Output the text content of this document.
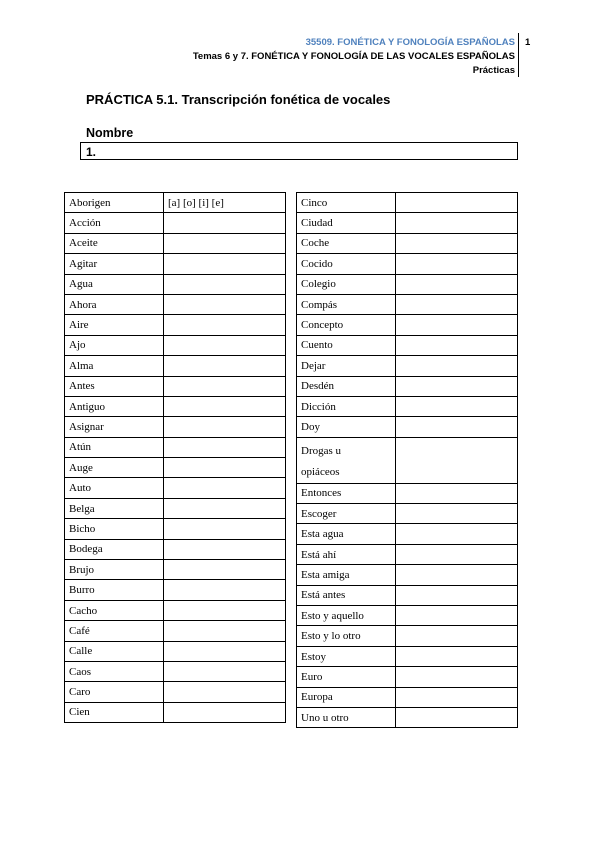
35509. FONÉTICA Y FONOLOGÍA ESPAÑOLAS
Temas 6 y 7. FONÉTICA Y FONOLOGÍA DE LAS VOCALES ESPAÑOLAS
Prácticas
1
PRÁCTICA 5.1. Transcripción fonética de vocales
Nombre
1.
Aborigen	[a] [o] [i] [e]
Acción	
Aceite	
Agitar	
Agua	
Ahora	
Aire	
Ajo	
Alma	
Antes	
Antiguo	
Asignar	
Atún	
Auge	
Auto	
Belga	
Bicho	
Bodega	
Brujo	
Burro	
Cacho	
Café	
Calle	
Caos	
Caro	
Cien	
Cinco	
Ciudad	
Coche	
Cocido	
Colegio	
Compás	
Concepto	
Cuento	
Dejar	
Desdén	
Dicción	
Doy	

Drogas u
opiáceos	

Entonces	
Escoger	
Esta agua	
Está ahí	
Esta amiga	
Está antes	
Esto y aquello	
Esto y lo otro	
Estoy	
Euro	
Europa	
Uno u otro	
